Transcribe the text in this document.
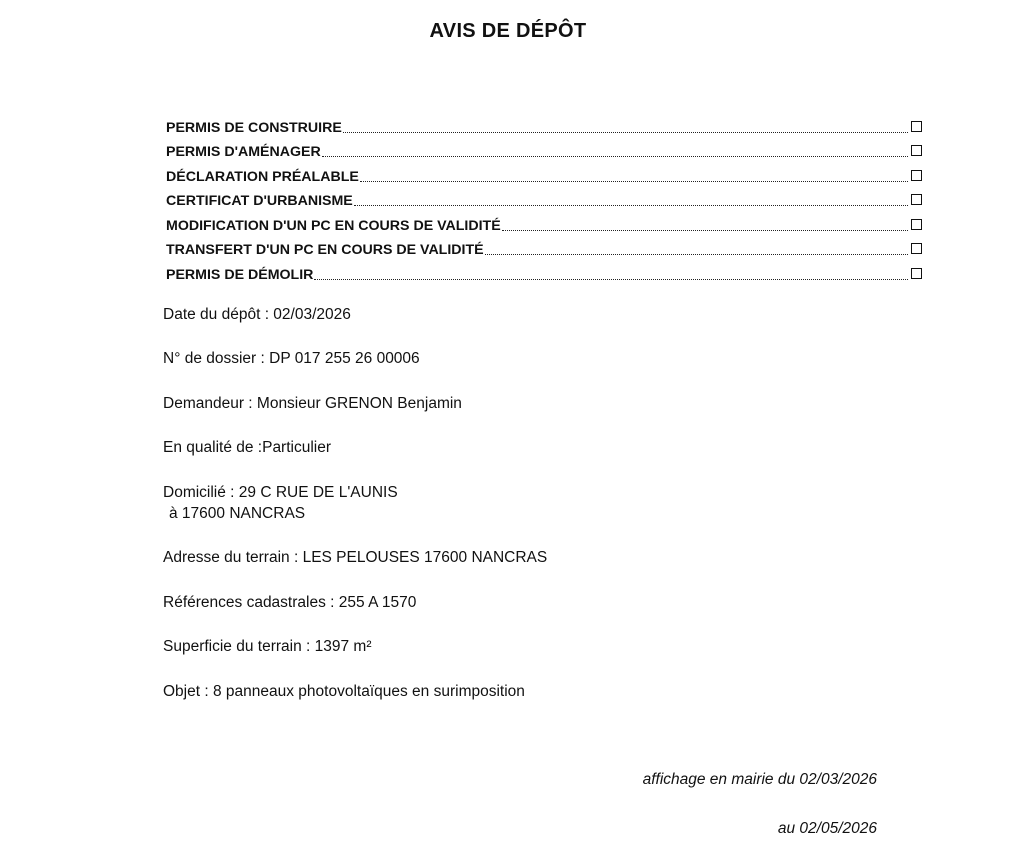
AVIS DE DÉPÔT
PERMIS DE CONSTRUIRE
PERMIS D'AMÉNAGER
DÉCLARATION PRÉALABLE
CERTIFICAT D'URBANISME
MODIFICATION D'UN PC EN COURS DE VALIDITÉ
TRANSFERT D'UN PC EN COURS DE VALIDITÉ
PERMIS DE DÉMOLIR
Date du dépôt : 02/03/2026
N° de dossier : DP 017 255 26 00006
Demandeur : Monsieur GRENON Benjamin
En qualité de :Particulier
Domicilié : 29 C RUE DE L'AUNIS
à 17600 NANCRAS
Adresse du terrain : LES PELOUSES 17600 NANCRAS
Références cadastrales : 255 A 1570
Superficie du terrain : 1397 m²
Objet : 8 panneaux photovoltaïques en surimposition
affichage en mairie du 02/03/2026
au 02/05/2026
